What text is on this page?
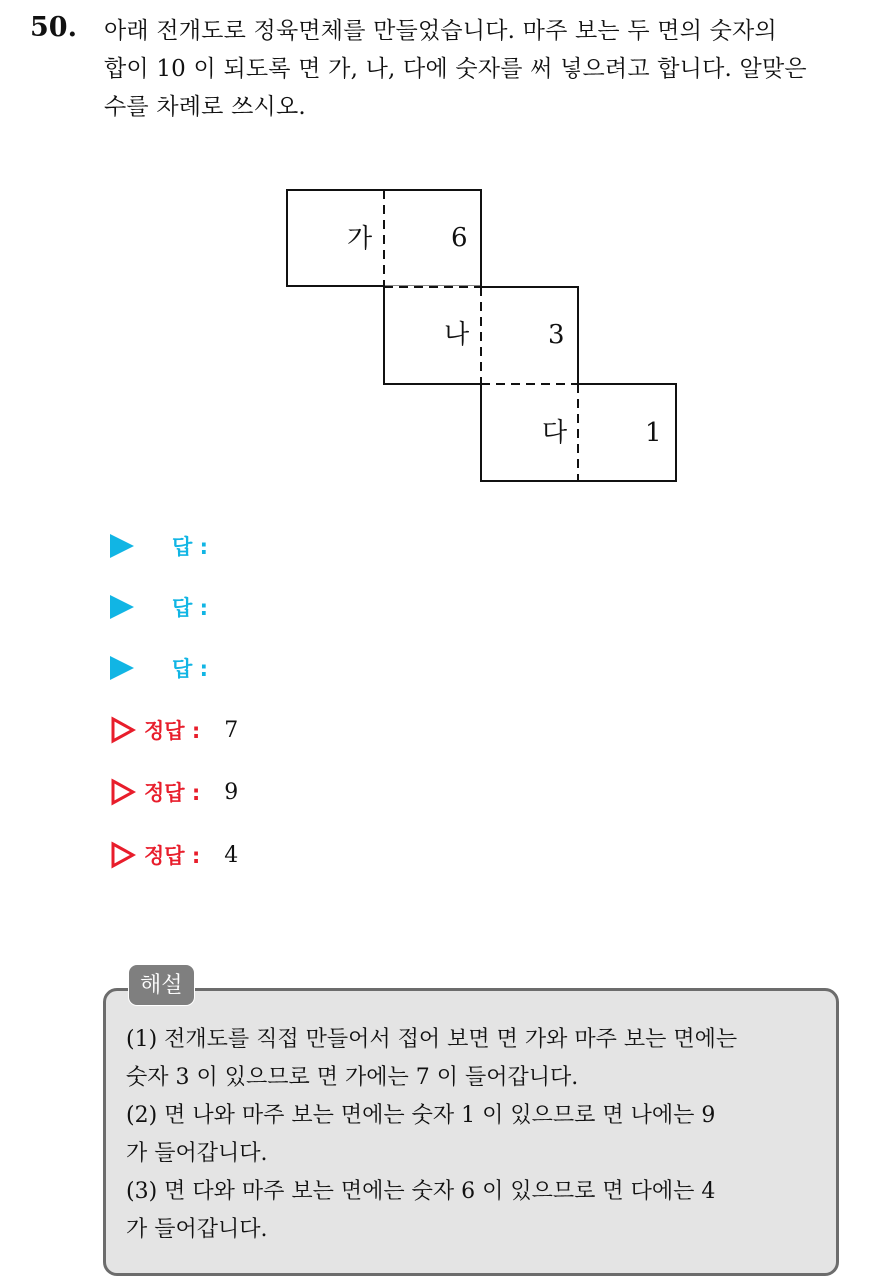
50. 아래 전개도로 정육면체를 만들었습니다. 마주 보는 두 면의 숫자의
합이 10 이 되도록 면 가, 나, 다에 숫자를 써 넣으려고 합니다. 알맞은
수를 차례로 쓰시오.
가	6
나	3
다	1
답 :
답 :
답 :
정답 : 7
정답 : 9
정답 : 4
해설
(1) 전개도를 직접 만들어서 접어 보면 면 가와 마주 보는 면에는
숫자 3 이 있으므로 면 가에는 7 이 들어갑니다.
(2) 면 나와 마주 보는 면에는 숫자 1 이 있으므로 면 나에는 9
가 들어갑니다.
(3) 면 다와 마주 보는 면에는 숫자 6 이 있으므로 면 다에는 4
가 들어갑니다.
